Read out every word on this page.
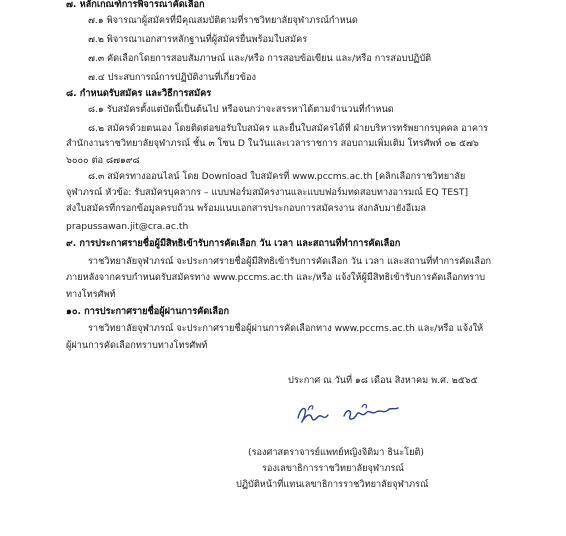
๗. หลักเกณฑ์การพิจารณาคัดเลือก

๗.๑ พิจารณาผู้สมัครที่มีคุณสมบัติตามที่ราชวิทยาลัยจุฬาภรณ์กำหนด

๗.๒ พิจารณาเอกสารหลักฐานที่ผู้สมัครยื่นพร้อมใบสมัคร

๗.๓ คัดเลือกโดยการสอบสัมภาษณ์ และ/หรือ การสอบข้อเขียน และ/หรือ การสอบปฏิบัติ

๗.๔ ประสบการณ์การปฏิบัติงานที่เกี่ยวข้อง

๘. กำหนดรับสมัคร และวิธีการสมัคร

๘.๑ รับสมัครตั้งแต่บัดนี้เป็นต้นไป หรือจนกว่าจะสรรหาได้ตามจำนวนที่กำหนด

๘.๒ สมัครด้วยตนเอง โดยติดต่อขอรับใบสมัคร และยื่นใบสมัครได้ที่ ฝ่ายบริหารทรัพยากรบุคคล อาคาร

สำนักงานราชวิทยาลัยจุฬาภรณ์ ชั้น ๓ โซน D ในวันและเวลาราชการ สอบถามเพิ่มเติม โทรศัพท์ ๐๒ ๕๗๖

๖๐๐๐ ต่อ ๘๗๑๙๘

๘.๓ สมัครทางออนไลน์ โดย Download ใบสมัครที่ www.pccms.ac.th [คลิกเลือกราชวิทยาลัย

จุฬาภรณ์ หัวข้อ: รับสมัครบุคลากร – แบบฟอร์มสมัครงานและแบบฟอร์มทดสอบทางอารมณ์ EQ TEST]

ส่งใบสมัครที่กรอกข้อมูลครบถ้วน พร้อมแนบเอกสารประกอบการสมัครงาน ส่งกลับมายังอีเมล

prapussawan.jit@cra.ac.th

๙. การประกาศรายชื่อผู้มีสิทธิเข้ารับการคัดเลือก วัน เวลา และสถานที่ทำการคัดเลือก

ราชวิทยาลัยจุฬาภรณ์ จะประกาศรายชื่อผู้มีสิทธิเข้ารับการคัดเลือก วัน เวลา และสถานที่ทำการคัดเลือก

ภายหลังจากครบกำหนดรับสมัครทาง www.pccms.ac.th และ/หรือ แจ้งให้ผู้มีสิทธิเข้ารับการคัดเลือกทราบ

ทางโทรศัพท์

๑๐. การประกาศรายชื่อผู้ผ่านการคัดเลือก

ราชวิทยาลัยจุฬาภรณ์ จะประกาศรายชื่อผู้ผ่านการคัดเลือกทาง www.pccms.ac.th และ/หรือ แจ้งให้

ผู้ผ่านการคัดเลือกทราบทางโทรศัพท์

ประกาศ ณ วันที่ ๑๘ เดือน สิงหาคม พ.ศ. ๒๕๖๕

(รองศาสตราจารย์แพทย์หญิงจิติมา ธินะโยติ)

รองเลขาธิการราชวิทยาลัยจุฬาภรณ์

ปฏิบัติหน้าที่แทนเลขาธิการราชวิทยาลัยจุฬาภรณ์
